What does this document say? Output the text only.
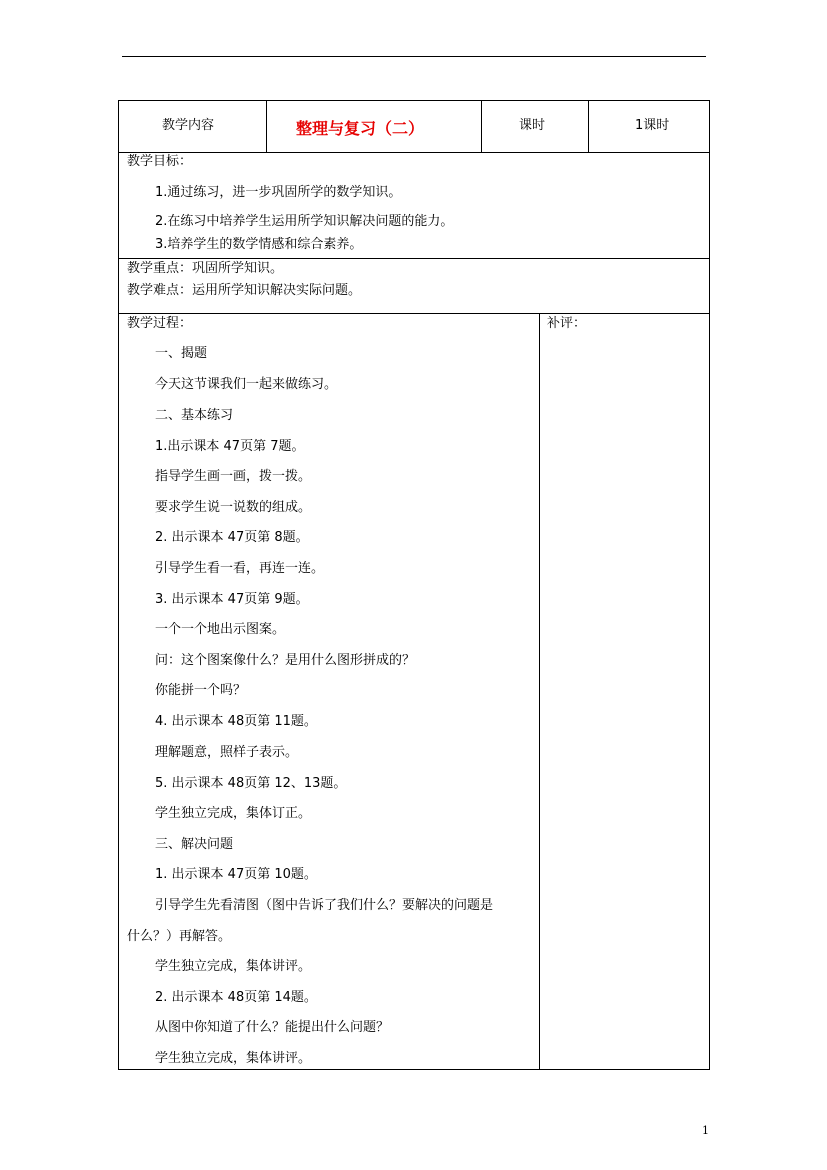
教学内容	整理与复习（二）	课时	1课时
教学目标：
1.通过练习，进一步巩固所学的数学知识。
2.在练习中培养学生运用所学知识解决问题的能力。
3.培养学生的数学情感和综合素养。
教学重点：巩固所学知识。
教学难点：运用所学知识解决实际问题。
教学过程：	补评：
一、揭题
今天这节课我们一起来做练习。
二、基本练习
1.出示课本 47页第 7题。
指导学生画一画，拨一拨。
要求学生说一说数的组成。
2. 出示课本 47页第 8题。
引导学生看一看，再连一连。
3. 出示课本 47页第 9题。
一个一个地出示图案。
问：这个图案像什么？是用什么图形拼成的？
你能拼一个吗？
4. 出示课本 48页第 11题。
理解题意，照样子表示。
5. 出示课本 48页第 12、13题。
学生独立完成，集体订正。
三、解决问题
1. 出示课本 47页第 10题。
引导学生先看清图（图中告诉了我们什么？要解决的问题是
什么？）再解答。
学生独立完成，集体讲评。
2. 出示课本 48页第 14题。
从图中你知道了什么？能提出什么问题？
学生独立完成，集体讲评。
1
